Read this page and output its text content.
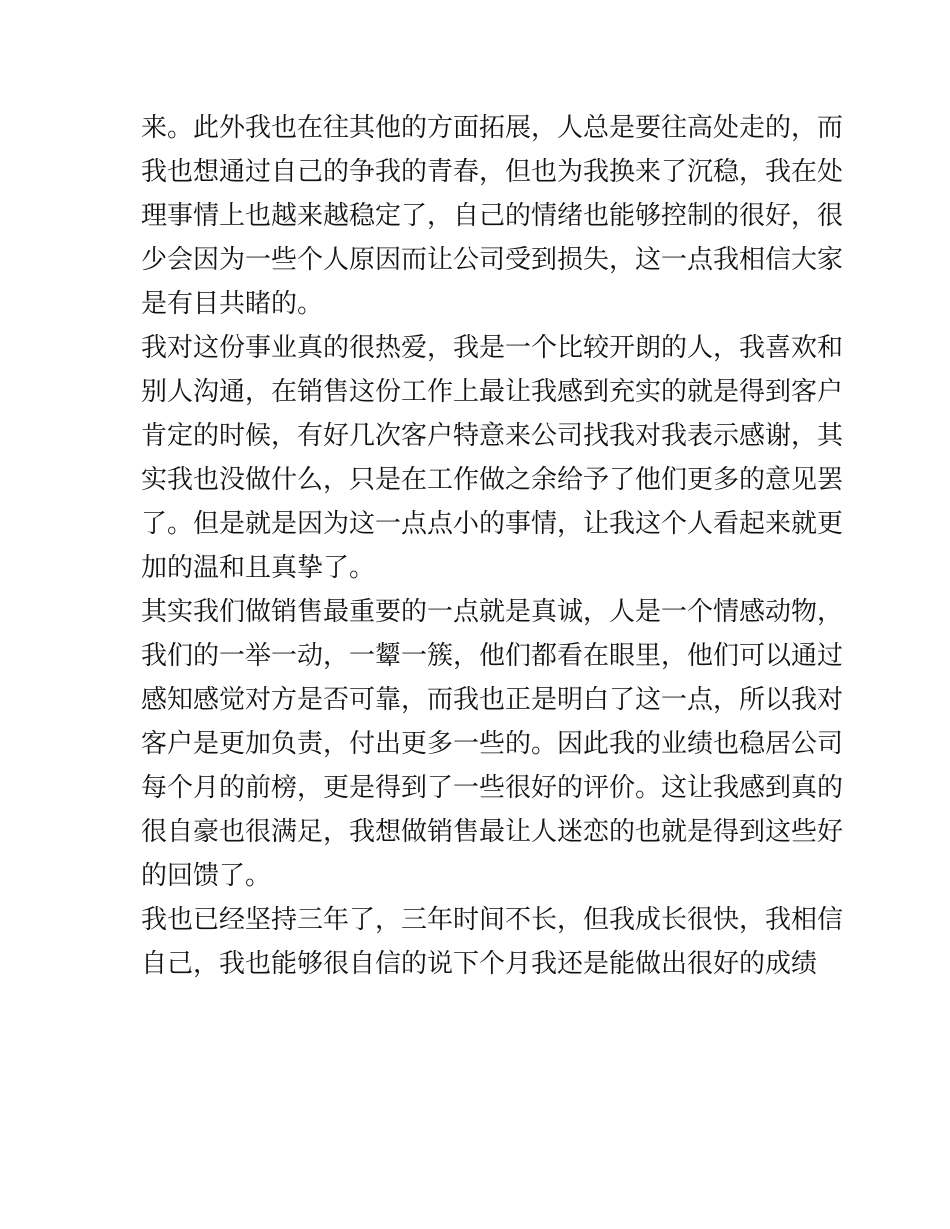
来。此外我也在往其他的方面拓展，人总是要往高处走的，而
我也想通过自己的争我的青春，但也为我换来了沉稳，我在处
理事情上也越来越稳定了，自己的情绪也能够控制的很好，很
少会因为一些个人原因而让公司受到损失，这一点我相信大家
是有目共睹的。
我对这份事业真的很热爱，我是一个比较开朗的人，我喜欢和
别人沟通，在销售这份工作上最让我感到充实的就是得到客户
肯定的时候，有好几次客户特意来公司找我对我表示感谢，其
实我也没做什么，只是在工作做之余给予了他们更多的意见罢
了。但是就是因为这一点点小的事情，让我这个人看起来就更
加的温和且真挚了。
其实我们做销售最重要的一点就是真诚，人是一个情感动物，
我们的一举一动，一颦一簇，他们都看在眼里，他们可以通过
感知感觉对方是否可靠，而我也正是明白了这一点，所以我对
客户是更加负责，付出更多一些的。因此我的业绩也稳居公司
每个月的前榜，更是得到了一些很好的评价。这让我感到真的
很自豪也很满足，我想做销售最让人迷恋的也就是得到这些好
的回馈了。
我也已经坚持三年了，三年时间不长，但我成长很快，我相信
自己，我也能够很自信的说下个月我还是能做出很好的成绩
